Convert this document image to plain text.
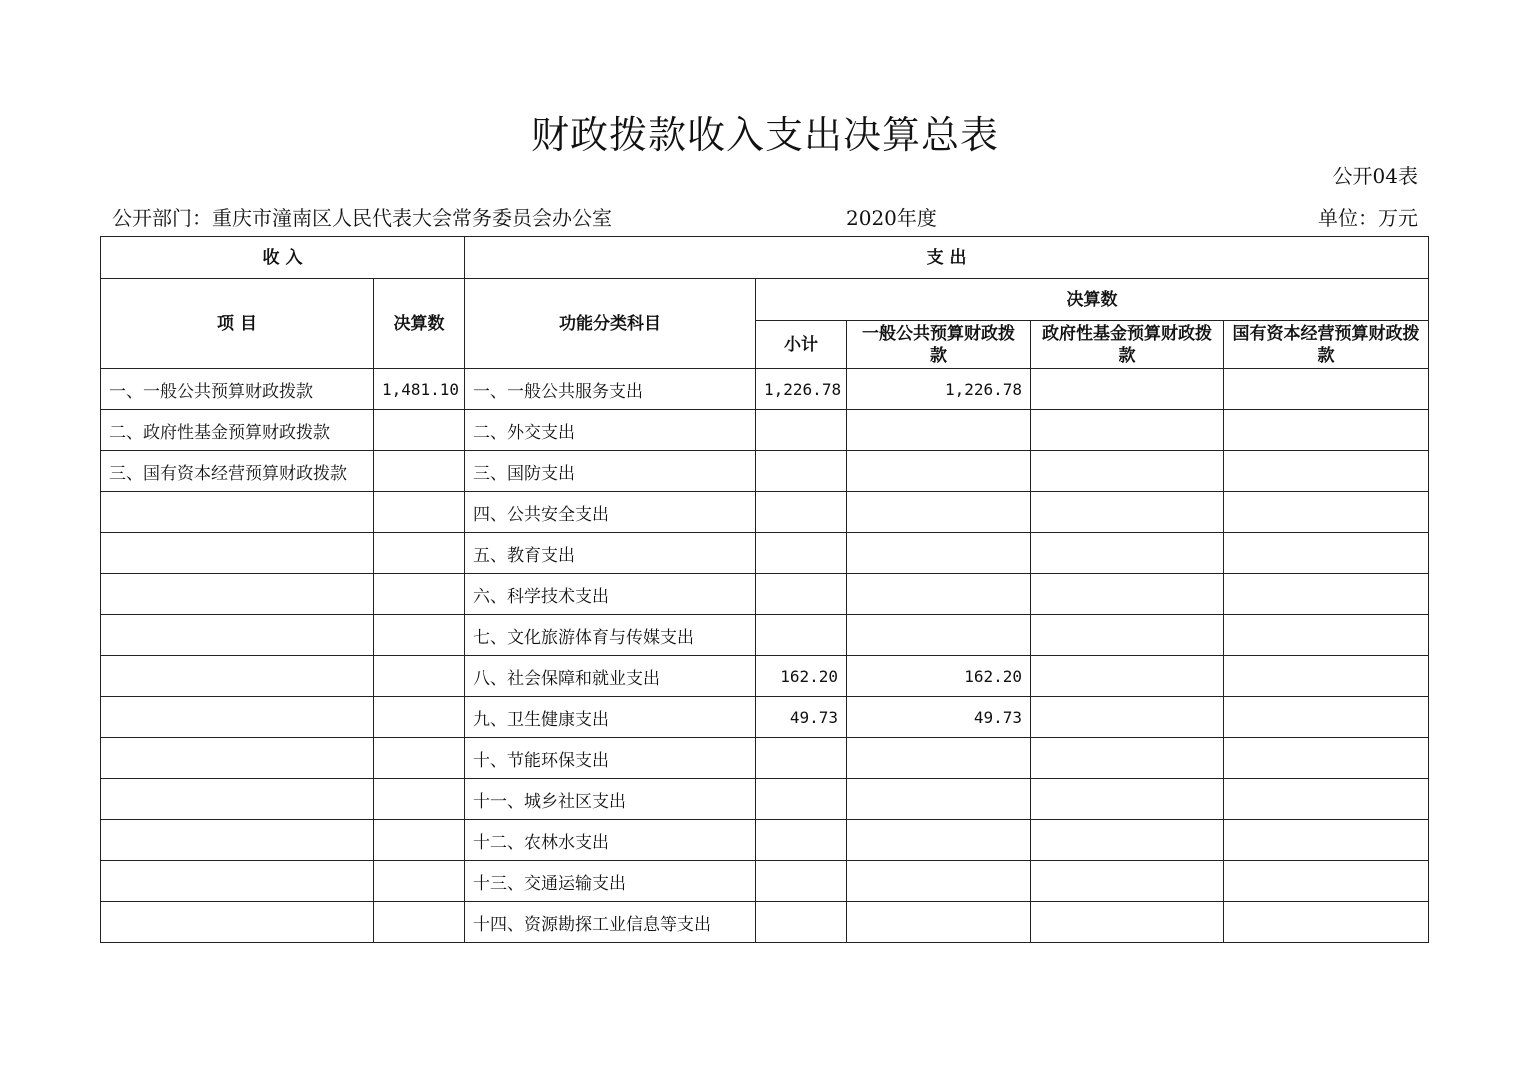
财政拨款收入支出决算总表
公开04表
公开部门：重庆市潼南区人民代表大会常务委员会办公室	2020年度	单位：万元
收 入		支 出				
项 目	决算数	功能分类科目	决算数			
			小计	一般公共预算财政拨款	政府性基金预算财政拨款	国有资本经营预算财政拨款
一、一般公共预算财政拨款	1,481.10	一、一般公共服务支出	1,226.78	1,226.78		
二、政府性基金预算财政拨款		二、外交支出				
三、国有资本经营预算财政拨款		三、国防支出				
		四、公共安全支出				
		五、教育支出				
		六、科学技术支出				
		七、文化旅游体育与传媒支出				
		八、社会保障和就业支出	162.20	162.20		
		九、卫生健康支出	49.73	49.73		
		十、节能环保支出				
		十一、城乡社区支出				
		十二、农林水支出				
		十三、交通运输支出				
		十四、资源勘探工业信息等支出				
